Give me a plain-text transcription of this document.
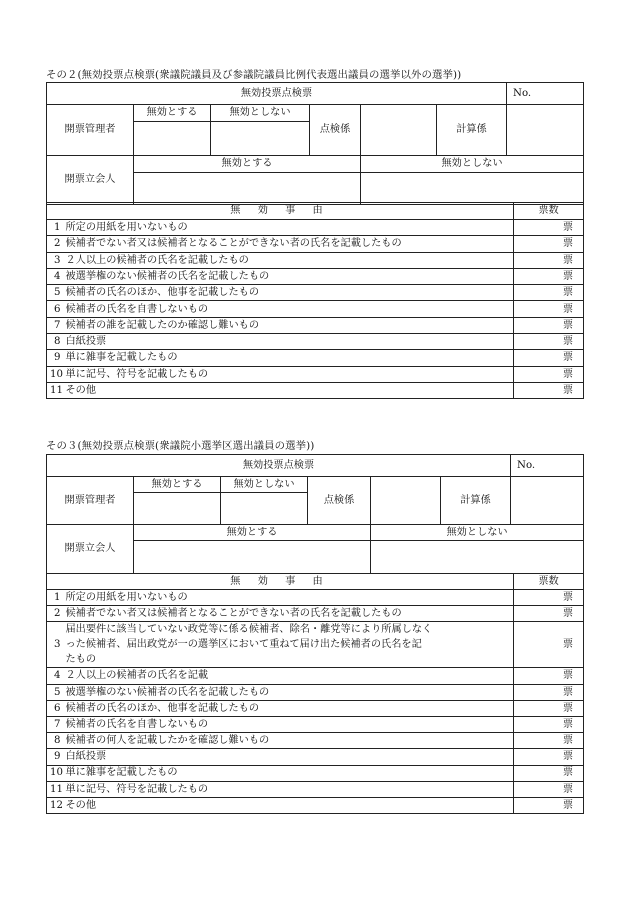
その２(無効投票点検票(衆議院議員及び参議院議員比例代表選出議員の選挙以外の選挙))
無効投票点検票						No.
開票管理者	無効とする	無効としない	点検係		計算係	

開票立会人	無効とする			無効としない		

無 効 事 由		票数
1	所定の用紙を用いないもの	票
2	候補者でない者又は候補者となることができない者の氏名を記載したもの	票
3	２人以上の候補者の氏名を記載したもの	票
4	被選挙権のない候補者の氏名を記載したもの	票
5	候補者の氏名のほか、他事を記載したもの	票
6	候補者の氏名を自書しないもの	票
7	候補者の誰を記載したのか確認し難いもの	票
8	白紙投票	票
9	単に雑事を記載したもの	票
10	単に記号、符号を記載したもの	票
11	その他	票
その３(無効投票点検票(衆議院小選挙区選出議員の選挙))
無効投票点検票						No.
開票管理者	無効とする	無効としない	点検係		計算係	

開票立会人	無効とする			無効としない		

無 効 事 由		票数
1	所定の用紙を用いないもの	票
2	候補者でない者又は候補者となることができない者の氏名を記載したもの	票
3	届出要件に該当していない政党等に係る候補者、除名・離党等により所属しなく
った候補者、届出政党が一の選挙区において重ねて届け出た候補者の氏名を記
たもの	票
4	２人以上の候補者の氏名を記載	票
5	被選挙権のない候補者の氏名を記載したもの	票
6	候補者の氏名のほか、他事を記載したもの	票
7	候補者の氏名を自書しないもの	票
8	候補者の何人を記載したかを確認し難いもの	票
9	白紙投票	票
10	単に雑事を記載したもの	票
11	単に記号、符号を記載したもの	票
12	その他	票
